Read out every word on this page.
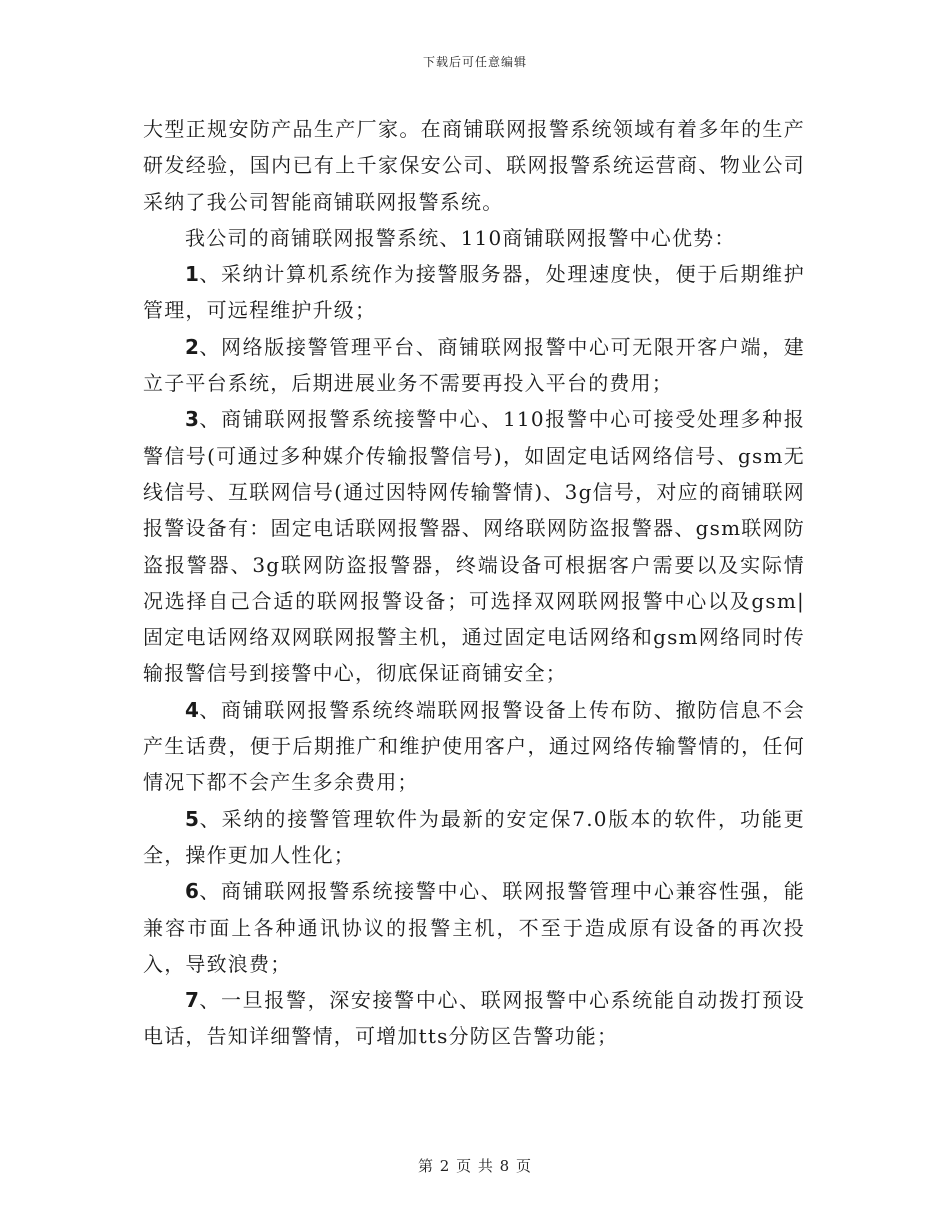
下载后可任意编辑

大型正规安防产品生产厂家。在商铺联网报警系统领域有着多年的生产研发经验，国内已有上千家保安公司、联网报警系统运营商、物业公司采纳了我公司智能商铺联网报警系统。

我公司的商铺联网报警系统、110商铺联网报警中心优势：

1、采纳计算机系统作为接警服务器，处理速度快，便于后期维护管理，可远程维护升级；

2、网络版接警管理平台、商铺联网报警中心可无限开客户端，建立子平台系统，后期进展业务不需要再投入平台的费用；

3、商铺联网报警系统接警中心、110报警中心可接受处理多种报警信号(可通过多种媒介传输报警信号)，如固定电话网络信号、gsm无线信号、互联网信号(通过因特网传输警情)、3g信号，对应的商铺联网报警设备有：固定电话联网报警器、网络联网防盗报警器、gsm联网防盗报警器、3g联网防盗报警器，终端设备可根据客户需要以及实际情况选择自己合适的联网报警设备；可选择双网联网报警中心以及gsm|固定电话网络双网联网报警主机，通过固定电话网络和gsm网络同时传输报警信号到接警中心，彻底保证商铺安全；

4、商铺联网报警系统终端联网报警设备上传布防、撤防信息不会产生话费，便于后期推广和维护使用客户，通过网络传输警情的，任何情况下都不会产生多余费用；

5、采纳的接警管理软件为最新的安定保7.0版本的软件，功能更全，操作更加人性化；

6、商铺联网报警系统接警中心、联网报警管理中心兼容性强，能兼容市面上各种通讯协议的报警主机，不至于造成原有设备的再次投入，导致浪费；

7、一旦报警，深安接警中心、联网报警中心系统能自动拨打预设电话，告知详细警情，可增加tts分防区告警功能；

第 2 页 共 8 页
